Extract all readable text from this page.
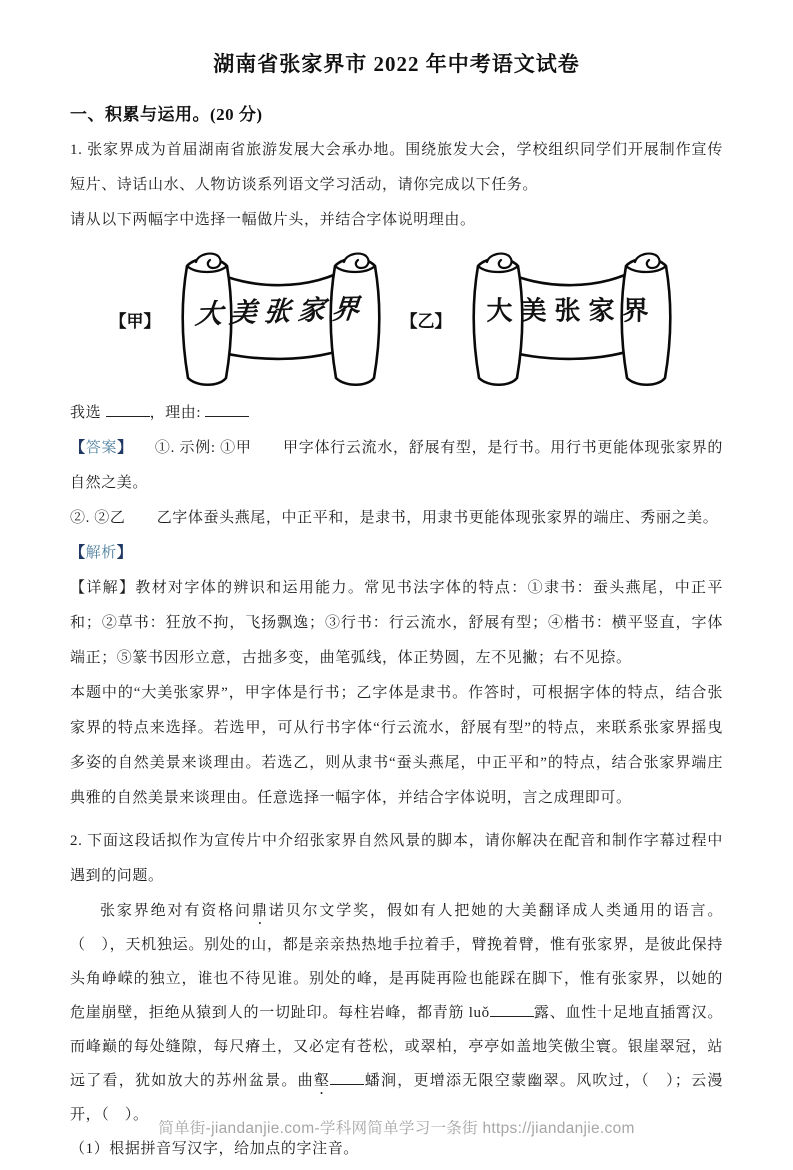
湖南省张家界市 2022 年中考语文试卷
一、积累与运用。(20 分)

1. 张家界成为首届湖南省旅游发展大会承办地。围绕旅发大会，学校组织同学们开展制作宣传短片、诗话山水、人物访谈系列语文学习活动，请你完成以下任务。

请从以下两幅字中选择一幅做片头，并结合字体说明理由。

【甲】 大美张家界 【乙】 大美张家界

我选	，理由:

【答案】 ①. 示例: ①甲　　甲字体行云流水，舒展有型，是行书。用行书更能体现张家界的自然之美。

②. ②乙　　乙字体蚕头燕尾，中正平和，是隶书，用隶书更能体现张家界的端庄、秀丽之美。

【解析】

【详解】教材对字体的辨识和运用能力。常见书法字体的特点：①隶书：蚕头燕尾，中正平和；②草书：狂放不拘，飞扬飘逸；③行书：行云流水，舒展有型；④楷书：横平竖直，字体端正；⑤篆书因形立意，古拙多变，曲笔弧线，体正势圆，左不见撇；右不见捺。

本题中的“大美张家界”，甲字体是行书；乙字体是隶书。作答时，可根据字体的特点，结合张家界的特点来选择。若选甲，可从行书字体“行云流水，舒展有型”的特点，来联系张家界摇曳多姿的自然美景来谈理由。若选乙，则从隶书“蚕头燕尾，中正平和”的特点，结合张家界端庄典雅的自然美景来谈理由。任意选择一幅字体，并结合字体说明，言之成理即可。

2. 下面这段话拟作为宣传片中介绍张家界自然风景的脚本，请你解决在配音和制作字幕过程中遇到的问题。

张家界绝对有资格问鼎诺贝尔文学奖，假如有人把她的大美翻译成人类通用的语言。（　），天机独运。别处的山，都是亲亲热热地手拉着手，臂挽着臂，惟有张家界，是彼此保持头角峥嵘的独立，谁也不待见谁。别处的峰，是再陡再险也能踩在脚下，惟有张家界，以她的危崖崩壁，拒绝从猿到人的一切趾印。每柱岩峰，都青筋 luǒ	露、血性十足地直插霄汉。而峰巅的每处缝隙，每尺瘠土，又必定有苍松，或翠柏，亭亭如盖地笑傲尘寰。银崖翠冠，站远了看，犹如放大的苏州盆景。曲壑 蟠涧，更增添无限空蒙幽翠。风吹过，（　）；云漫开，（　）。

（1）根据拼音写汉字，给加点的字注音。

简单街-jiandanjie.com-学科网简单学习一条街 https://jiandanjie.com
